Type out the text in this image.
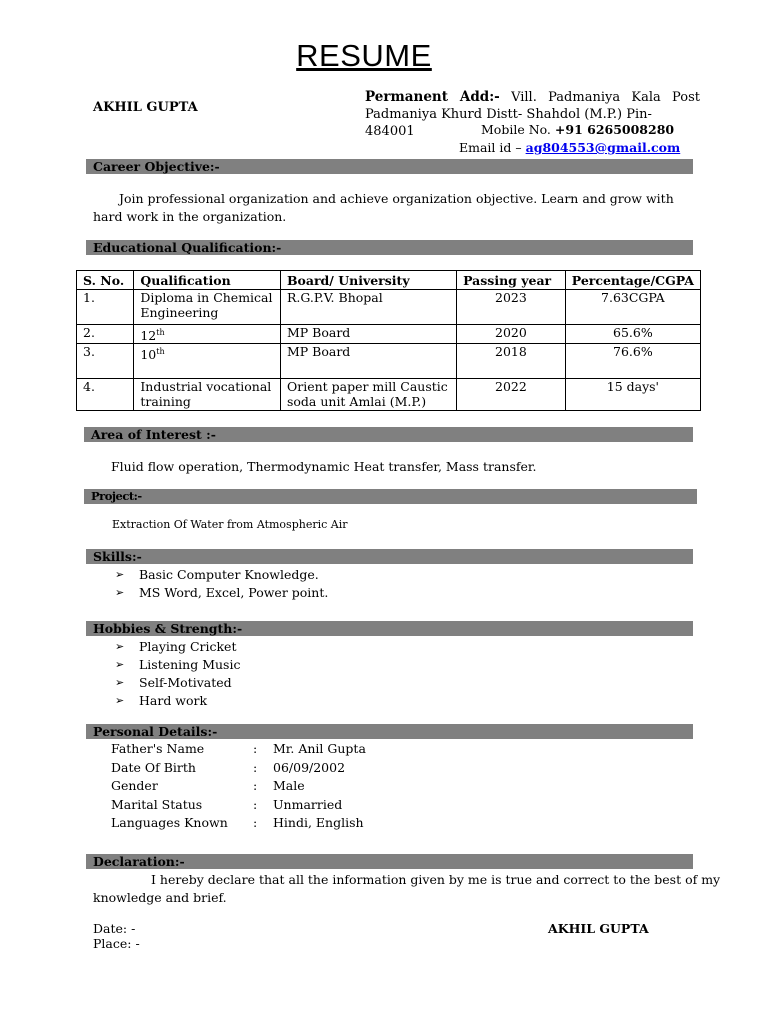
RESUME
AKHIL GUPTA
Permanent Add:- Vill. Padmaniya Kala Post
Padmaniya Khurd Distt- Shahdol (M.P.) Pin-484001	Mobile No. +91 6265008280
Email id – ag804553@gmail.com
Career Objective:-
Join professional organization and achieve organization objective. Learn and grow with
hard work in the organization.
Educational Qualification:-
S. No.	Qualification	Board/ University	Passing year	Percentage/CGPA
1.	Diploma in Chemical Engineering	R.G.P.V. Bhopal	2023	7.63CGPA
2.	12th	MP Board	2020	65.6%
3.	10th	MP Board	2018	76.6%
4.	Industrial vocational training	Orient paper mill Caustic soda unit Amlai (M.P.)	2022	15 days'
Area of Interest :-
Fluid flow operation, Thermodynamic Heat transfer, Mass transfer.
Project:-
Extraction Of Water from Atmospheric Air
Skills:-
➢ Basic Computer Knowledge.
➢ MS Word, Excel, Power point.
Hobbies & Strength:-
➢ Playing Cricket
➢ Listening Music
➢ Self-Motivated
➢ Hard work
Personal Details:-
Father's Name	:	Mr. Anil Gupta
Date Of Birth	:	06/09/2002
Gender	:	Male
Marital Status	:	Unmarried
Languages Known	:	Hindi, English
Declaration:-
I hereby declare that all the information given by me is true and correct to the best of my
knowledge and brief.
Date: -
Place: -
AKHIL GUPTA
